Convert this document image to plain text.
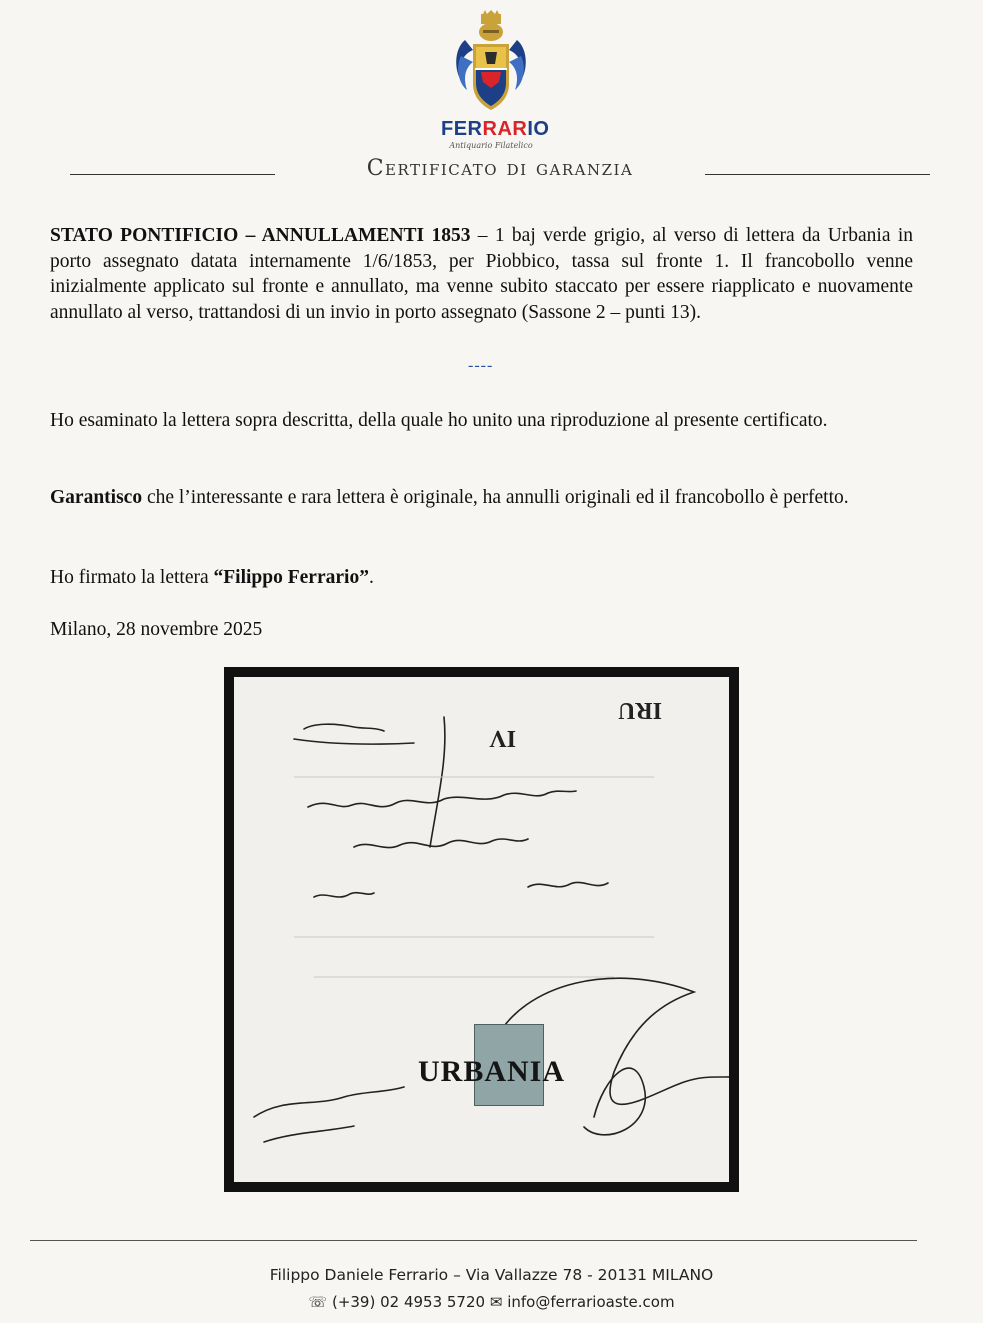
FERRARIO
Antiquario Filatelico
Certificato di garanzia
STATO PONTIFICIO – ANNULLAMENTI 1853 – 1 baj verde grigio, al verso di lettera da Urbania in porto assegnato datata internamente 1/6/1853, per Piobbico, tassa sul fronte 1. Il francobollo venne inizialmente applicato sul fronte e annullato, ma venne subito staccato per essere riapplicato e nuovamente annullato al verso, trattandosi di un invio in porto assegnato (Sassone 2 – punti 13).
----
Ho esaminato la lettera sopra descritta, della quale ho unito una riproduzione al presente certificato.
Garantisco che l’interessante e rara lettera è originale, ha annulli originali ed il francobollo è perfetto.
Ho firmato la lettera “Filippo Ferrario”.
Milano, 28 novembre 2025
IV
IRU
URBANIA
Filippo Daniele Ferrario – Via Vallazze 78 - 20131 MILANO
☏ (+39) 02 4953 5720 ✉ info@ferrarioaste.com
